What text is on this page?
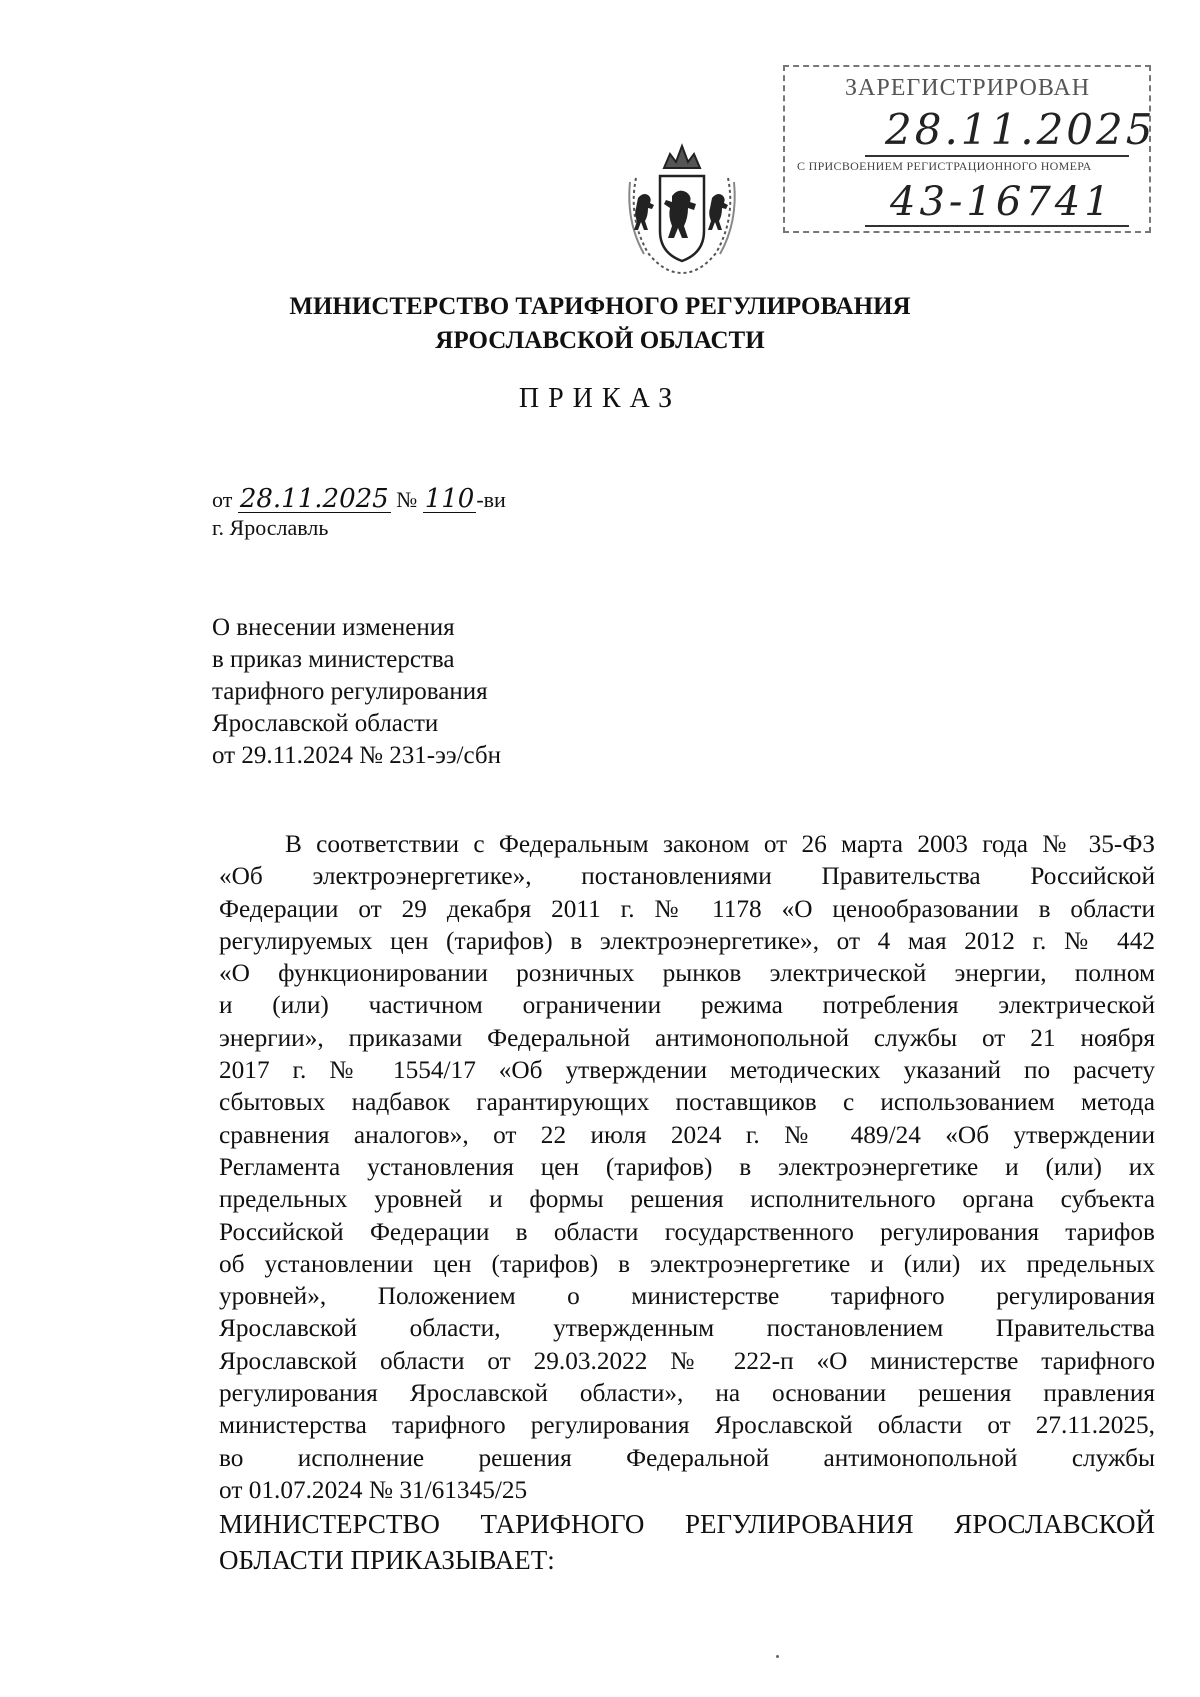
ЗАРЕГИСТРИРОВАН
28.11.2025
С ПРИСВОЕНИЕМ РЕГИСТРАЦИОННОГО НОМЕРА
43-16741
МИНИСТЕРСТВО ТАРИФНОГО РЕГУЛИРОВАНИЯ
ЯРОСЛАВСКОЙ ОБЛАСТИ
ПРИКАЗ
от 28.11.2025 № 110-ви
г. Ярославль
О внесении изменения
в приказ министерства
тарифного регулирования
Ярославской области
от 29.11.2024 № 231-ээ/сбн
В соответствии с Федеральным законом от 26 марта 2003 года № 35-ФЗ
«Об электроэнергетике», постановлениями Правительства Российской
Федерации от 29 декабря 2011 г. № 1178 «О ценообразовании в области
регулируемых цен (тарифов) в электроэнергетике», от 4 мая 2012 г. № 442
«О функционировании розничных рынков электрической энергии, полном
и (или) частичном ограничении режима потребления электрической
энергии», приказами Федеральной антимонопольной службы от 21 ноября
2017 г. № 1554/17 «Об утверждении методических указаний по расчету
сбытовых надбавок гарантирующих поставщиков с использованием метода
сравнения аналогов», от 22 июля 2024 г. № 489/24 «Об утверждении
Регламента установления цен (тарифов) в электроэнергетике и (или) их
предельных уровней и формы решения исполнительного органа субъекта
Российской Федерации в области государственного регулирования тарифов
об установлении цен (тарифов) в электроэнергетике и (или) их предельных
уровней», Положением о министерстве тарифного регулирования
Ярославской области, утвержденным постановлением Правительства
Ярославской области от 29.03.2022 № 222-п «О министерстве тарифного
регулирования Ярославской области», на основании решения правления
министерства тарифного регулирования Ярославской области от 27.11.2025,
во исполнение решения Федеральной антимонопольной службы
от 01.07.2024 № 31/61345/25
МИНИСТЕРСТВО ТАРИФНОГО РЕГУЛИРОВАНИЯ ЯРОСЛАВСКОЙ
ОБЛАСТИ ПРИКАЗЫВАЕТ:
